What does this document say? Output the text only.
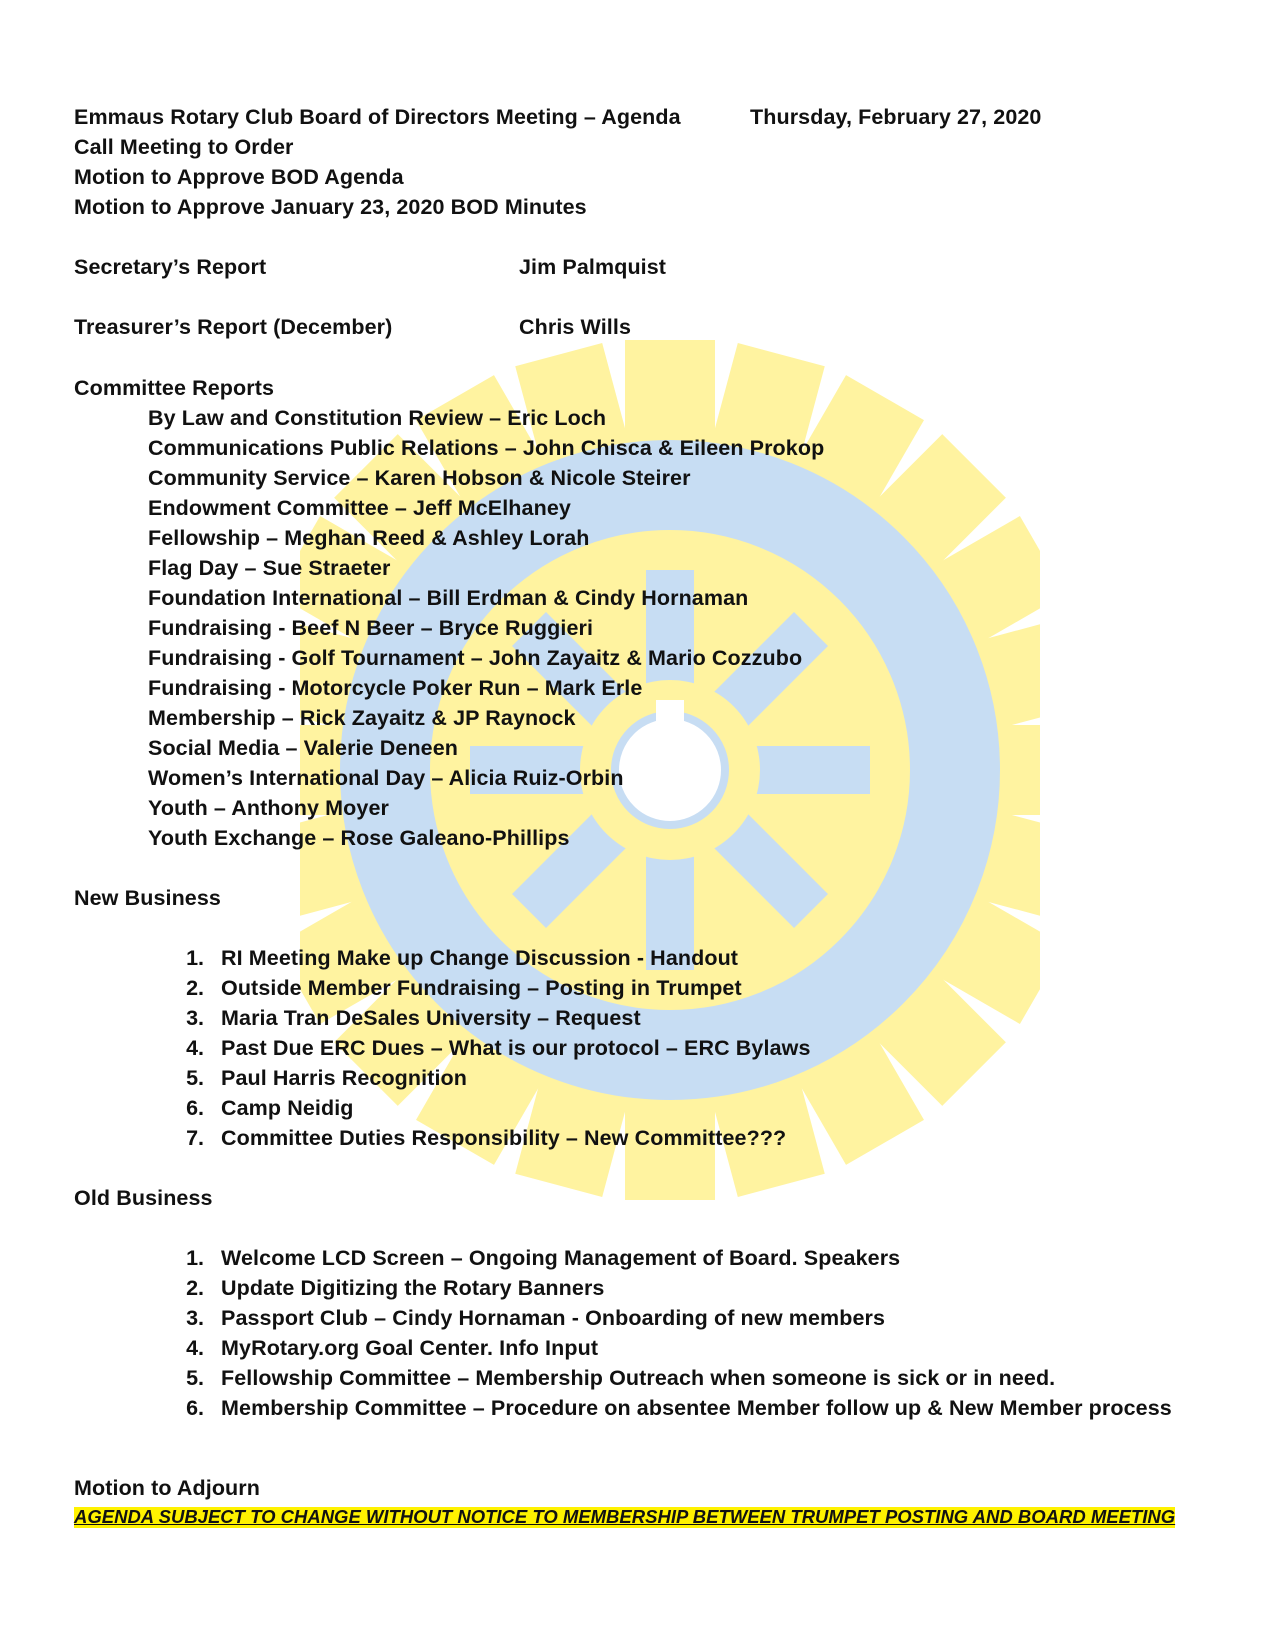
Emmaus Rotary Club Board of Directors Meeting – Agenda	Thursday, February 27, 2020
Call Meeting to Order
Motion to Approve BOD Agenda
Motion to Approve January 23, 2020 BOD Minutes
Secretary’s Report	Jim Palmquist
Treasurer’s Report (December)	Chris Wills
Committee Reports
By Law and Constitution Review – Eric Loch
Communications Public Relations – John Chisca & Eileen Prokop
Community Service – Karen Hobson & Nicole Steirer
Endowment Committee – Jeff McElhaney
Fellowship – Meghan Reed & Ashley Lorah
Flag Day – Sue Straeter
Foundation International – Bill Erdman & Cindy Hornaman
Fundraising - Beef N Beer – Bryce Ruggieri
Fundraising - Golf Tournament – John Zayaitz & Mario Cozzubo
Fundraising - Motorcycle Poker Run – Mark Erle
Membership – Rick Zayaitz & JP Raynock
Social Media – Valerie Deneen
Women’s International Day – Alicia Ruiz-Orbin
Youth – Anthony Moyer
Youth Exchange – Rose Galeano-Phillips
New Business
1. RI Meeting Make up Change Discussion - Handout
2. Outside Member Fundraising – Posting in Trumpet
3. Maria Tran DeSales University – Request
4. Past Due ERC Dues – What is our protocol – ERC Bylaws
5. Paul Harris Recognition
6. Camp Neidig
7. Committee Duties Responsibility – New Committee???
Old Business
1. Welcome LCD Screen – Ongoing Management of Board. Speakers
2. Update Digitizing the Rotary Banners
3. Passport Club – Cindy Hornaman - Onboarding of new members
4. MyRotary.org Goal Center. Info Input
5. Fellowship Committee – Membership Outreach when someone is sick or in need.
6. Membership Committee – Procedure on absentee Member follow up & New Member process
Motion to Adjourn
AGENDA SUBJECT TO CHANGE WITHOUT NOTICE TO MEMBERSHIP BETWEEN TRUMPET POSTING AND BOARD MEETING
